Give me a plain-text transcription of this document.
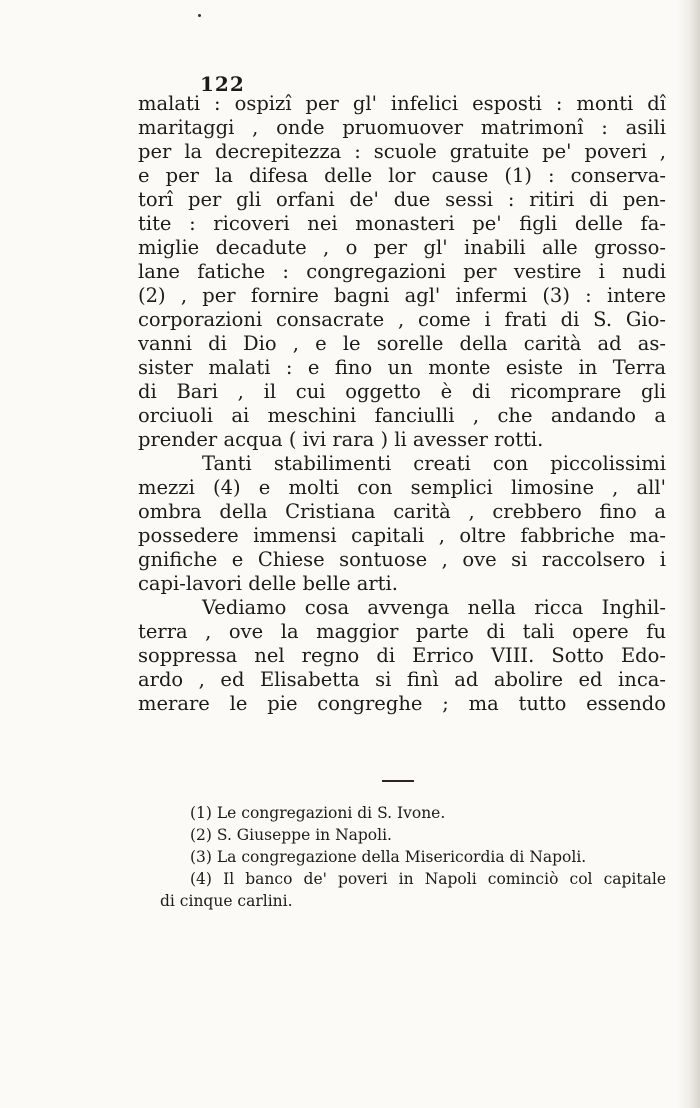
122
malati : ospizî per gl' infelici esposti : monti dî
maritaggi , onde pruomuover matrimonî : asili
per la decrepitezza : scuole gratuite pe' poveri ,
e per la difesa delle lor cause (1) : conserva-
torî per gli orfani de' due sessi : ritiri di pen-
tite : ricoveri nei monasteri pe' figli delle fa-
miglie decadute , o per gl' inabili alle grosso-
lane fatiche : congregazioni per vestire i nudi
(2) , per fornire bagni agl' infermi (3) : intere
corporazioni consacrate , come i frati di S. Gio-
vanni di Dio , e le sorelle della carità ad as-
sister malati : e fino un monte esiste in Terra
di Bari , il cui oggetto è di ricomprare gli
orciuoli ai meschini fanciulli , che andando a
prender acqua ( ivi rara ) li avesser rotti.
Tanti stabilimenti creati con piccolissimi
mezzi (4) e molti con semplici limosine , all'
ombra della Cristiana carità , crebbero fino a
possedere immensi capitali , oltre fabbriche ma-
gnifiche e Chiese sontuose , ove si raccolsero i
capi-lavori delle belle arti.
Vediamo cosa avvenga nella ricca Inghil-
terra , ove la maggior parte di tali opere fu
soppressa nel regno di Errico VIII. Sotto Edo-
ardo , ed Elisabetta si finì ad abolire ed inca-
merare le pie congreghe ; ma tutto essendo
(1) Le congregazioni di S. Ivone.
(2) S. Giuseppe in Napoli.
(3) La congregazione della Misericordia di Napoli.
(4) Il banco de' poveri in Napoli cominciò col capitale
di cinque carlini.
